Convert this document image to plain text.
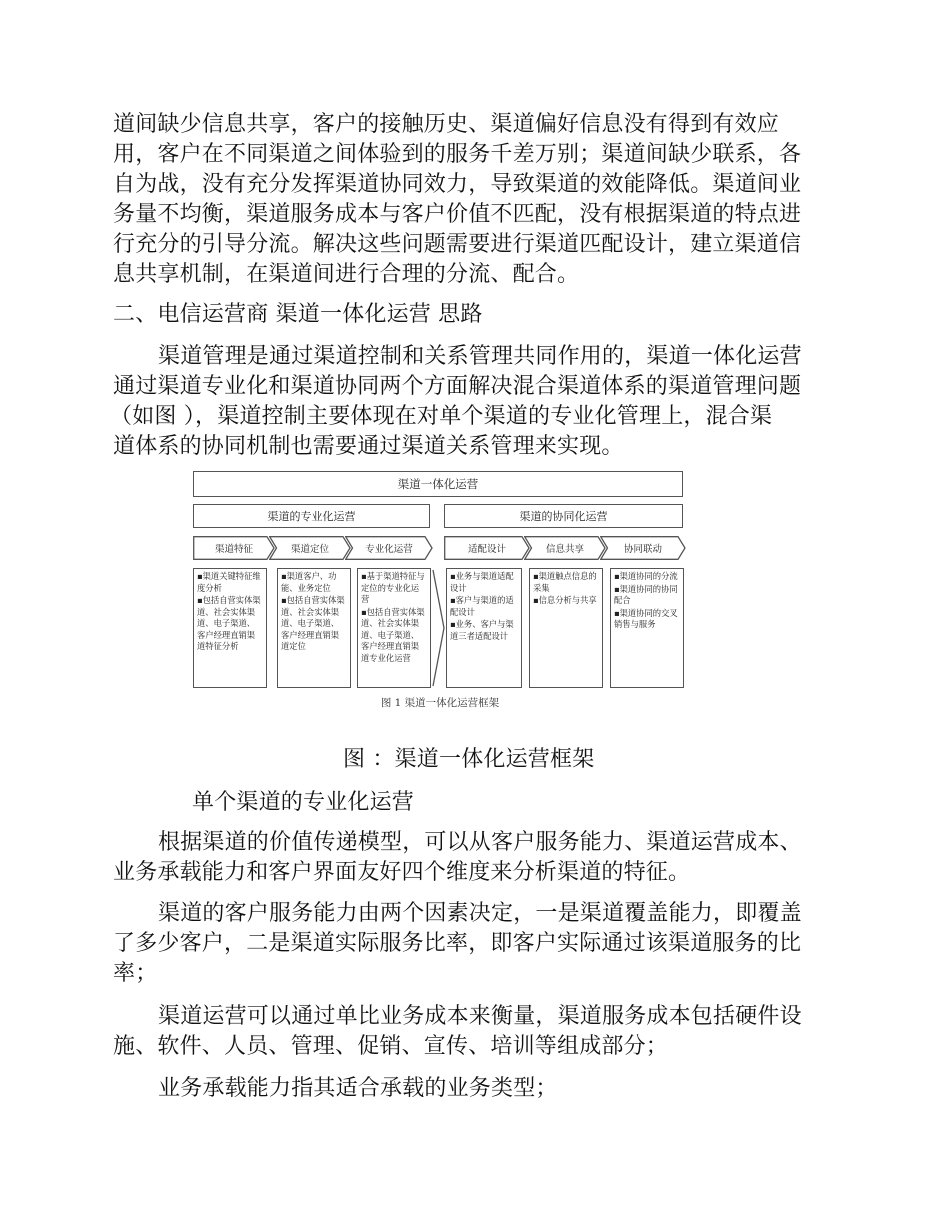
道间缺少信息共享，客户的接触历史、渠道偏好信息没有得到有效应
用，客户在不同渠道之间体验到的服务千差万别；渠道间缺少联系，各
自为战，没有充分发挥渠道协同效力，导致渠道的效能降低。渠道间业
务量不均衡，渠道服务成本与客户价值不匹配，没有根据渠道的特点进
行充分的引导分流。解决这些问题需要进行渠道匹配设计，建立渠道信
息共享机制，在渠道间进行合理的分流、配合。
二、电信运营商 渠道一体化运营 思路
渠道管理是通过渠道控制和关系管理共同作用的，渠道一体化运营
通过渠道专业化和渠道协同两个方面解决混合渠道体系的渠道管理问题
（如图 ），渠道控制主要体现在对单个渠道的专业化管理上，混合渠
道体系的协同机制也需要通过渠道关系管理来实现。
渠道一体化运营
渠道的专业化运营	渠道的协同化运营
渠道特征	渠道定位	专业化运营	适配设计	信息共享	协同联动
▪渠道关键特征维度分析
▪包括自营实体渠道、社会实体渠道、电子渠道、客户经理直销渠道特征分析
▪渠道客户、功能、业务定位
▪包括自营实体渠道、社会实体渠道、电子渠道、客户经理直销渠道定位
▪基于渠道特征与定位的专业化运营
▪包括自营实体渠道、社会实体渠道、电子渠道、客户经理直销渠道专业化运营
▪业务与渠道适配设计
▪客户与渠道的适配设计
▪业务、客户与渠道三者适配设计
▪渠道触点信息的采集
▪信息分析与共享
▪渠道协同的分流
▪渠道协同的协同配合
▪渠道协同的交叉销售与服务
图 1 渠道一体化运营框架
图 ：渠道一体化运营框架
单个渠道的专业化运营
根据渠道的价值传递模型，可以从客户服务能力、渠道运营成本、
业务承载能力和客户界面友好四个维度来分析渠道的特征。
渠道的客户服务能力由两个因素决定，一是渠道覆盖能力，即覆盖
了多少客户，二是渠道实际服务比率，即客户实际通过该渠道服务的比
率；
渠道运营可以通过单比业务成本来衡量，渠道服务成本包括硬件设
施、软件、人员、管理、促销、宣传、培训等组成部分；
业务承载能力指其适合承载的业务类型；
